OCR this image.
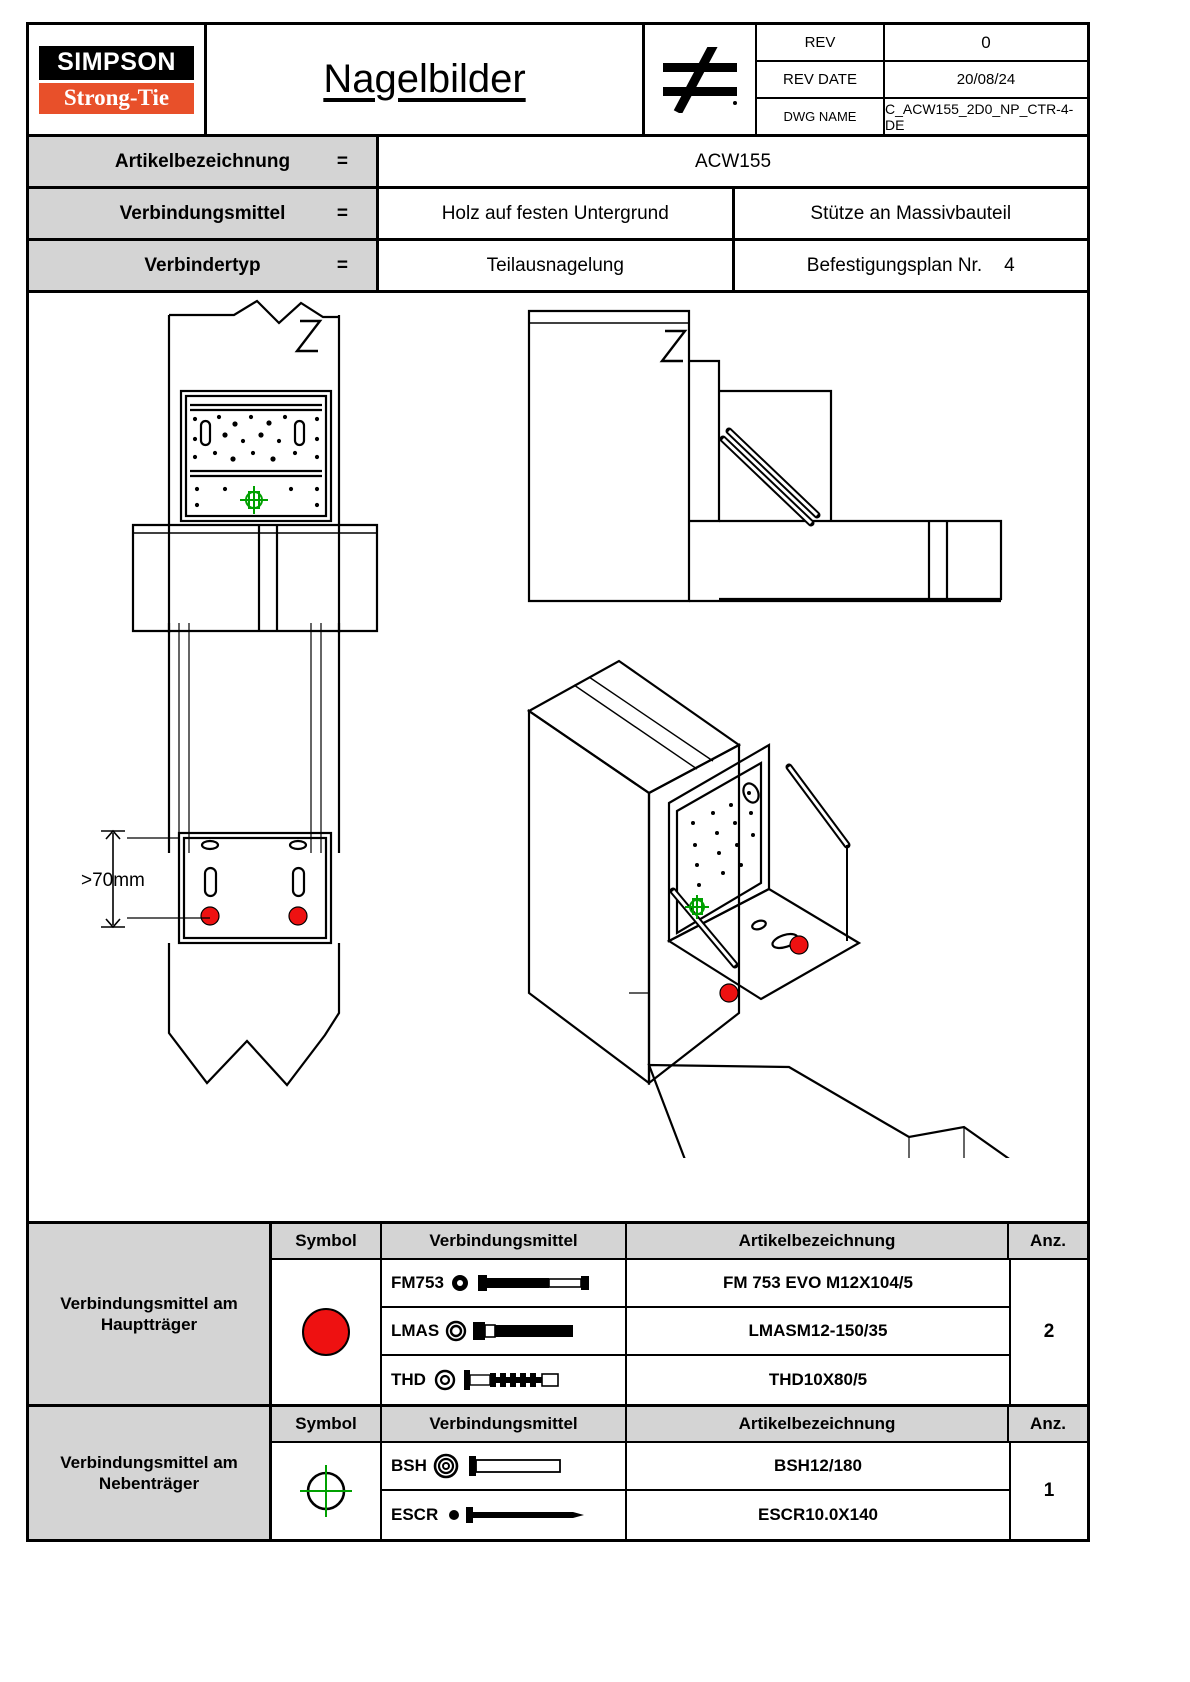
SIMPSON
Strong-Tie	Nagelbilder
REV	0
REV DATE	20/08/24
DWG NAME	C_ACW155_2D0_NP_CTR-4-DE
Artikelbezeichnung =	ACW155
Verbindungsmittel	=	Holz auf festen Untergrund	Stütze an Massivbauteil
Verbindertyp	=	Teilausnagelung	Befestigungsplan Nr. 4
>70mm
Verbindungsmittel am Hauptträger
Symbol	Verbindungsmittel	Artikelbezeichnung	Anz.
FM753	FM 753 EVO M12X104/5
LMAS	LMASM12-150/35
THD	THD10X80/5
2
Verbindungsmittel am Nebenträger
Symbol	Verbindungsmittel	Artikelbezeichnung	Anz.
BSH	BSH12/180
ESCR	ESCR10.0X140
1
